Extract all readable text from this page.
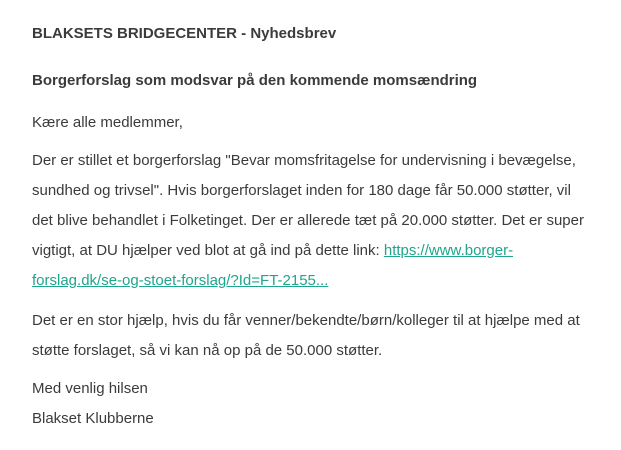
BLAKSETS BRIDGECENTER - Nyhedsbrev
Borgerforslag som modsvar på den kommende momsændring

Kære alle medlemmer,

Der er stillet et borgerforslag "Bevar momsfritagelse for undervisning i bevægelse, sundhed og trivsel". Hvis borgerforslaget inden for 180 dage får 50.000 støtter, vil det blive behandlet i Folketinget. Der er allerede tæt på 20.000 støtter. Det er super vigtigt, at DU hjælper ved blot at gå ind på dette link: https://www.borger-forslag.dk/se-og-stoet-forslag/?Id=FT-2155...

Det er en stor hjælp, hvis du får venner/bekendte/børn/kolleger til at hjælpe med at støtte forslaget, så vi kan nå op på de 50.000 støtter.

Med venlig hilsen

Blakset Klubberne
